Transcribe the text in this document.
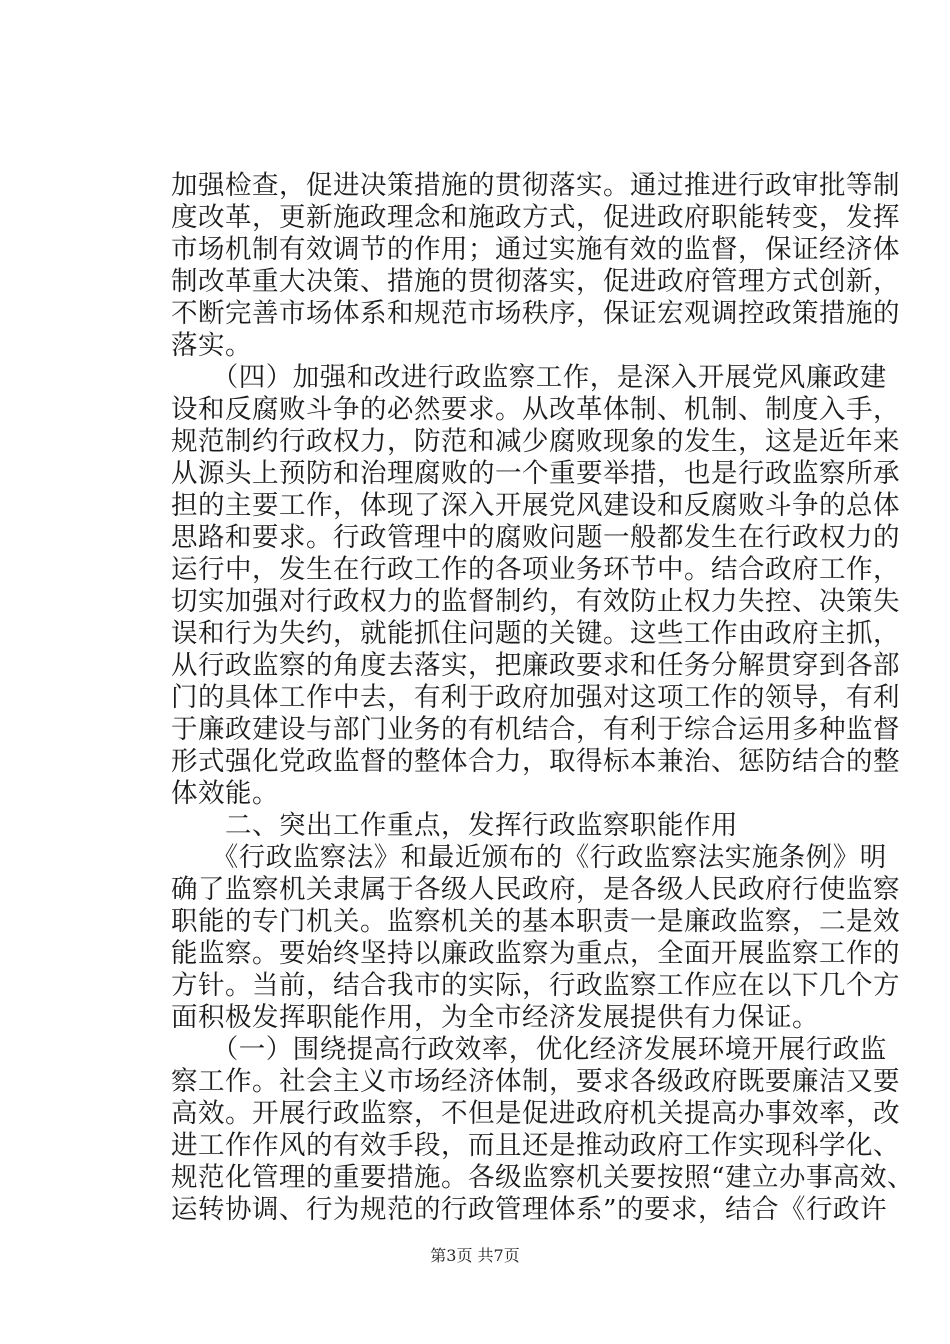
加强检查，促进决策措施的贯彻落实。通过推进行政审批等制
度改革，更新施政理念和施政方式，促进政府职能转变，发挥
市场机制有效调节的作用；通过实施有效的监督，保证经济体
制改革重大决策、措施的贯彻落实，促进政府管理方式创新，
不断完善市场体系和规范市场秩序，保证宏观调控政策措施的
落实。
　　（四）加强和改进行政监察工作，是深入开展党风廉政建
设和反腐败斗争的必然要求。从改革体制、机制、制度入手，
规范制约行政权力，防范和减少腐败现象的发生，这是近年来
从源头上预防和治理腐败的一个重要举措，也是行政监察所承
担的主要工作，体现了深入开展党风建设和反腐败斗争的总体
思路和要求。行政管理中的腐败问题一般都发生在行政权力的
运行中，发生在行政工作的各项业务环节中。结合政府工作，
切实加强对行政权力的监督制约，有效防止权力失控、决策失
误和行为失约，就能抓住问题的关键。这些工作由政府主抓，
从行政监察的角度去落实，把廉政要求和任务分解贯穿到各部
门的具体工作中去，有利于政府加强对这项工作的领导，有利
于廉政建设与部门业务的有机结合，有利于综合运用多种监督
形式强化党政监督的整体合力，取得标本兼治、惩防结合的整
体效能。
　　二、突出工作重点，发挥行政监察职能作用
　　《行政监察法》和最近颁布的《行政监察法实施条例》明
确了监察机关隶属于各级人民政府，是各级人民政府行使监察
职能的专门机关。监察机关的基本职责一是廉政监察，二是效
能监察。要始终坚持以廉政监察为重点，全面开展监察工作的
方针。当前，结合我市的实际，行政监察工作应在以下几个方
面积极发挥职能作用，为全市经济发展提供有力保证。
　　（一）围绕提高行政效率，优化经济发展环境开展行政监
察工作。社会主义市场经济体制，要求各级政府既要廉洁又要
高效。开展行政监察，不但是促进政府机关提高办事效率，改
进工作作风的有效手段，而且还是推动政府工作实现科学化、
规范化管理的重要措施。各级监察机关要按照“建立办事高效、
运转协调、行为规范的行政管理体系”的要求，结合《行政许
第3页 共7页
